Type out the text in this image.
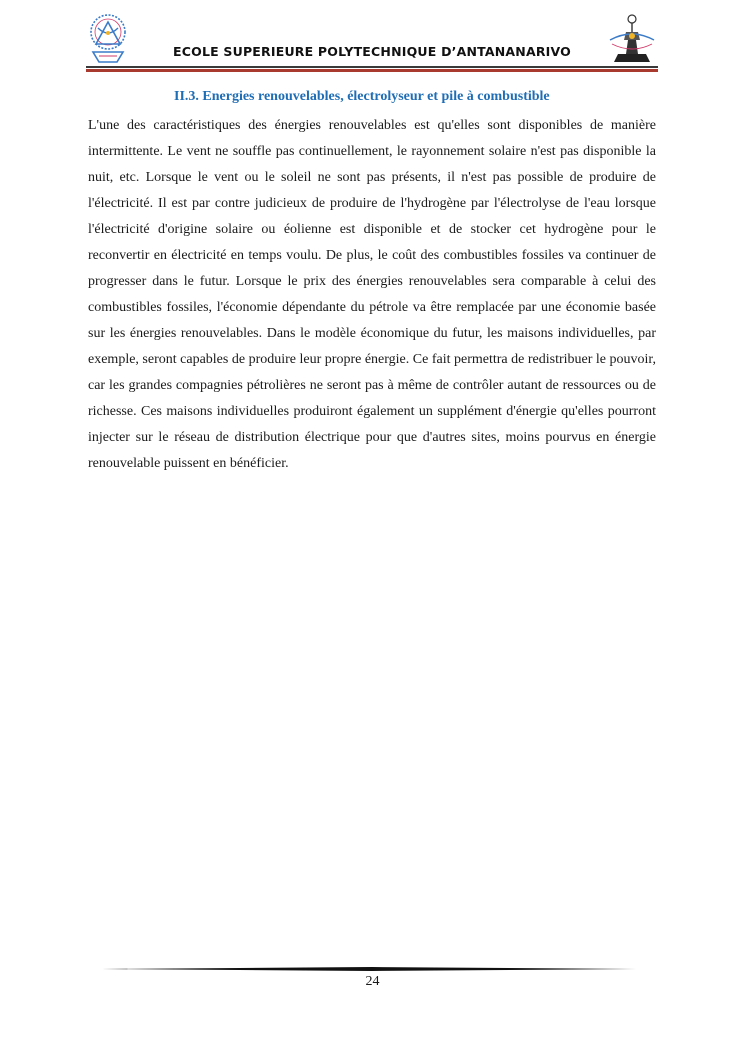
ECOLE SUPERIEURE POLYTECHNIQUE D’ANTANANARIVO
II.3. Energies renouvelables, électrolyseur et pile à combustible

L'une des caractéristiques des énergies renouvelables est qu'elles sont disponibles de manière intermittente. Le vent ne souffle pas continuellement, le rayonnement solaire n'est pas disponible la nuit, etc. Lorsque le vent ou le soleil ne sont pas présents, il n'est pas possible de produire de l'électricité. Il est par contre judicieux de produire de l'hydrogène par l'électrolyse de l'eau lorsque l'électricité d'origine solaire ou éolienne est disponible et de stocker cet hydrogène pour le reconvertir en électricité en temps voulu. De plus, le coût des combustibles fossiles va continuer de progresser dans le futur. Lorsque le prix des énergies renouvelables sera comparable à celui des combustibles fossiles, l'économie dépendante du pétrole va être remplacée par une économie basée sur les énergies renouvelables. Dans le modèle économique du futur, les maisons individuelles, par exemple, seront capables de produire leur propre énergie. Ce fait permettra de redistribuer le pouvoir, car les grandes compagnies pétrolières ne seront pas à même de contrôler autant de ressources ou de richesse. Ces maisons individuelles produiront également un supplément d'énergie qu'elles pourront injecter sur le réseau de distribution électrique pour que d'autres sites, moins pourvus en énergie renouvelable puissent en bénéficier.

24
